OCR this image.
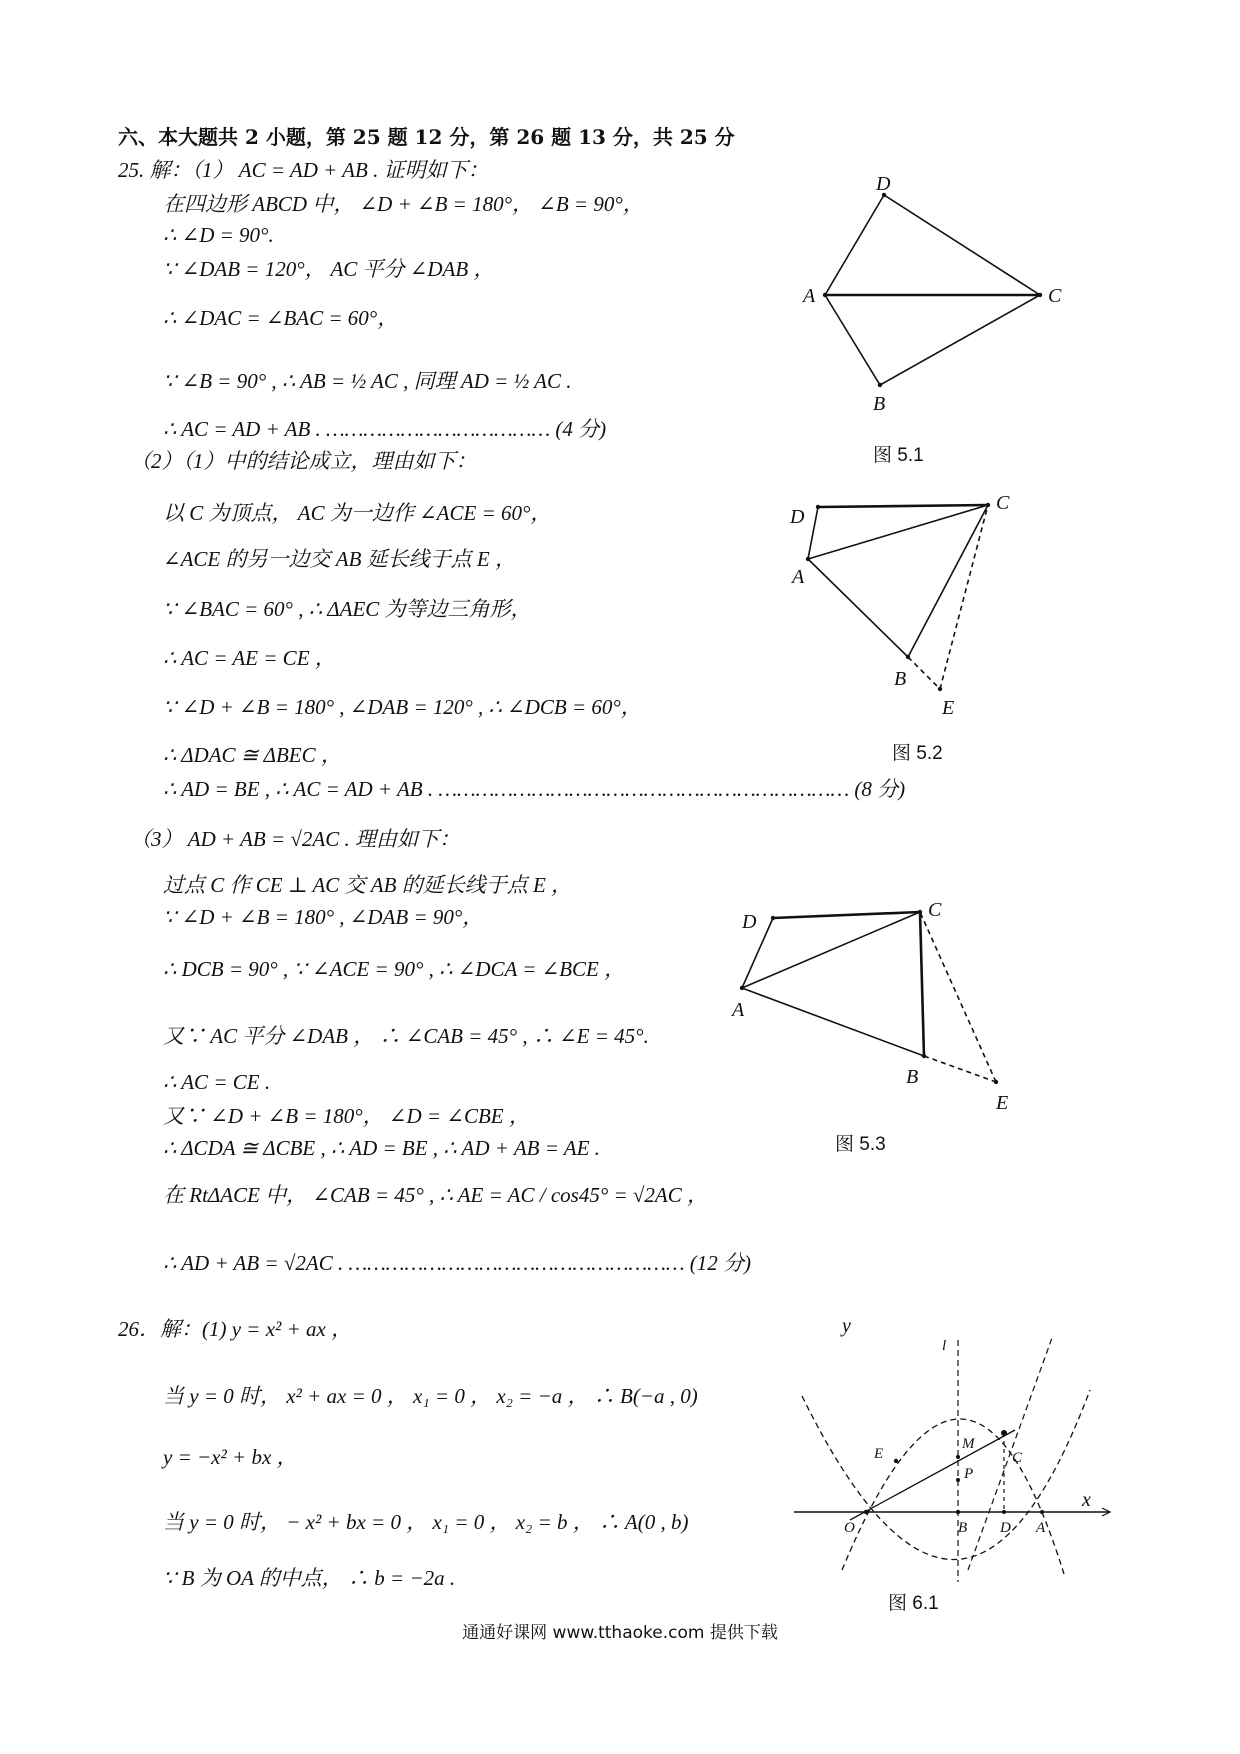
六、本大题共 2 小题，第 25 题 12 分，第 26 题 13 分，共 25 分
25. 解：（1） AC = AD + AB . 证明如下：
在四边形 ABCD 中， ∠D + ∠B = 180°， ∠B = 90°，
∴ ∠D = 90°.
∵ ∠DAB = 120°， AC 平分 ∠DAB ，
∴ ∠DAC = ∠BAC = 60°，
∵ ∠B = 90° , ∴ AB = ½ AC , 同理 AD = ½ AC .
∴ AC = AD + AB . ……………………………… (4 分)
（2）（1）中的结论成立，理由如下：
以 C 为顶点， AC 为一边作 ∠ACE = 60°，
∠ACE 的另一边交 AB 延长线于点 E ，
∵ ∠BAC = 60° , ∴ ΔAEC 为等边三角形，
∴ AC = AE = CE ，
∵ ∠D + ∠B = 180° , ∠DAB = 120° , ∴ ∠DCB = 60°，
∴ ΔDAC ≅ ΔBEC ，
∴ AD = BE , ∴ AC = AD + AB . ………………………………………………………… (8 分)
（3） AD + AB = √2AC . 理由如下：
过点 C 作 CE ⊥ AC 交 AB 的延长线于点 E ，
∵ ∠D + ∠B = 180° , ∠DAB = 90°，
∴ DCB = 90° , ∵ ∠ACE = 90° , ∴ ∠DCA = ∠BCE ，
又∵ AC 平分 ∠DAB ， ∴ ∠CAB = 45° , ∴ ∠E = 45°.
∴ AC = CE .
又∵ ∠D + ∠B = 180°， ∠D = ∠CBE ，
∴ ΔCDA ≅ ΔCBE , ∴ AD = BE , ∴ AD + AB = AE .
在 RtΔACE 中， ∠CAB = 45° , ∴ AE = AC / cos45° = √2AC ，
∴ AD + AB = √2AC . ……………………………………………… (12 分)
26．解：(1) y = x² + ax ，
当 y = 0 时， x² + ax = 0 ， x₁ = 0 ， x₂ = −a ， ∴ B(−a , 0)
y = −x² + bx ，
当 y = 0 时， − x² + bx = 0 ， x₁ = 0 ， x₂ = b ， ∴ A(0 , b)
∵ B 为 OA 的中点， ∴ b = −2a .
D
A	C
B
图 5.1
D
C
A
B
E
图 5.2
D
C
A
B
E
图 5.3
y
x
l
M
P
C
E
O	B D A
图 6.1
通通好课网 www.tthaoke.com 提供下载
